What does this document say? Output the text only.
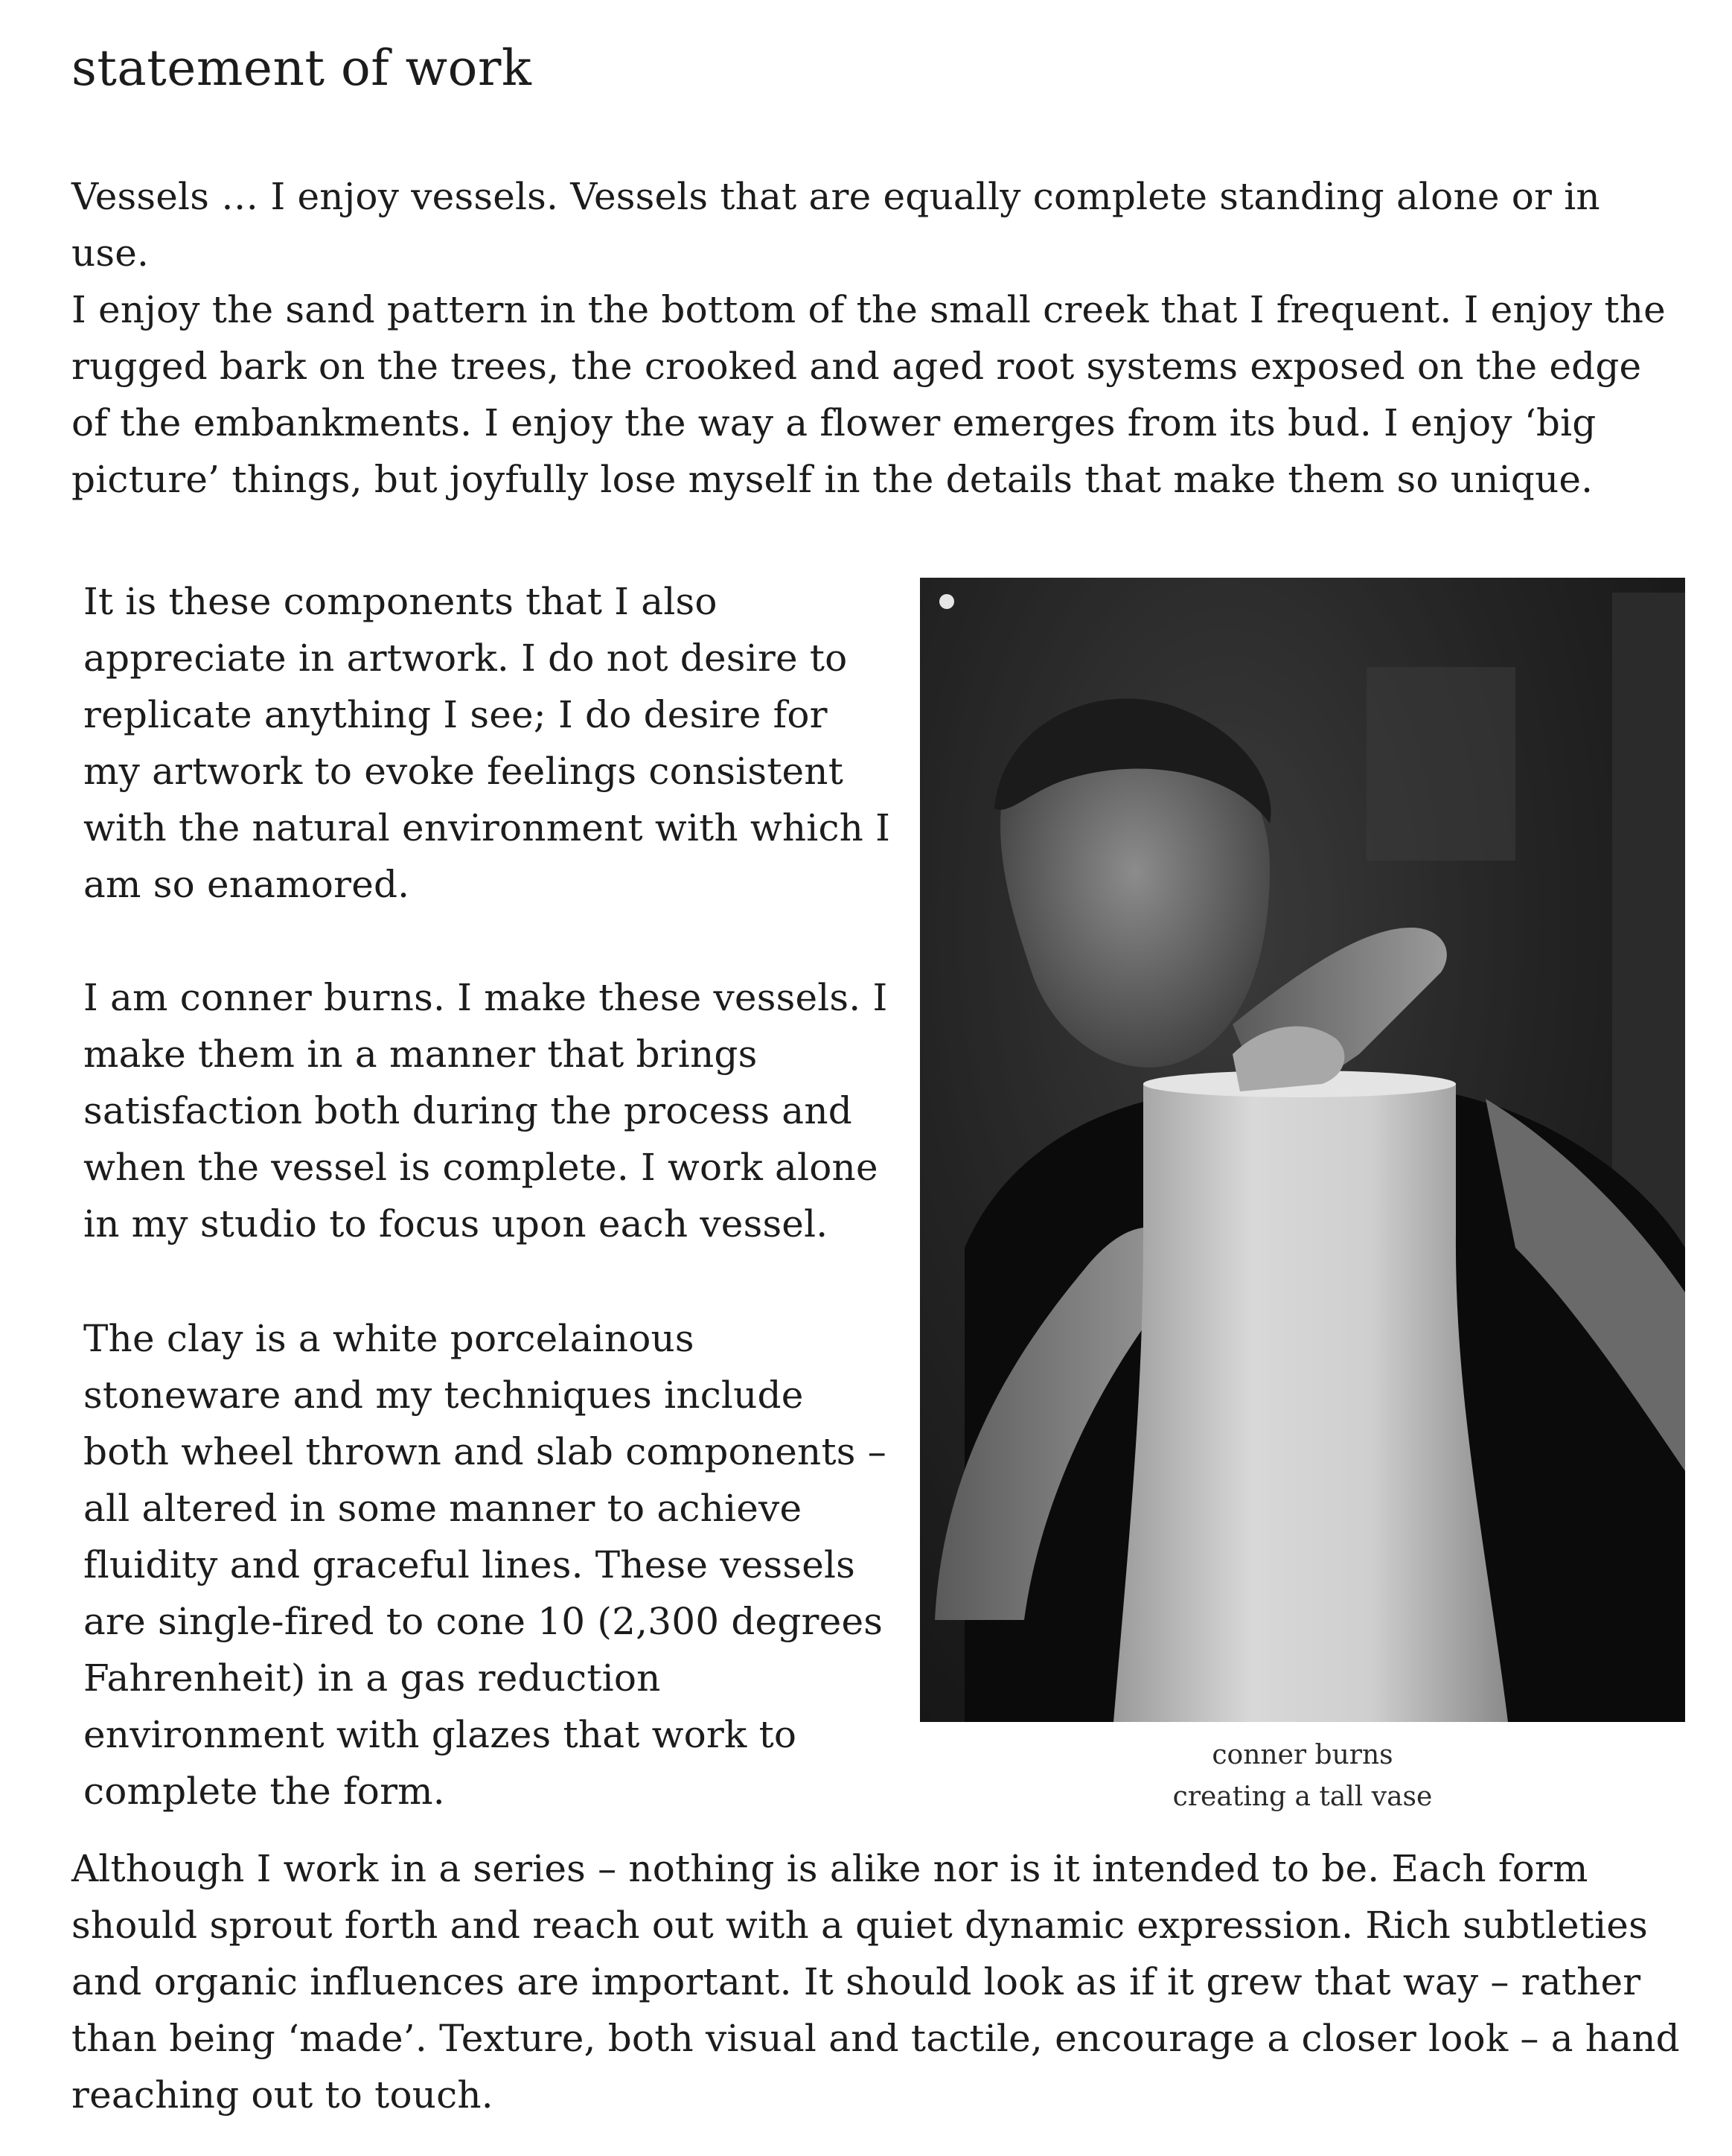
statement of work

Vessels … I enjoy vessels. Vessels that are equally complete standing alone or in use.

I enjoy the sand pattern in the bottom of the small creek that I frequent. I enjoy the rugged bark on the trees, the crooked and aged root systems exposed on the edge of the embankments. I enjoy the way a flower emerges from its bud. I enjoy ‘big picture’ things, but joyfully lose myself in the details that make them so unique.

It is these components that I also appreciate in artwork. I do not desire to replicate anything I see; I do desire for my artwork to evoke feelings consistent with the natural environment with which I am so enamored.

I am conner burns. I make these vessels. I make them in a manner that brings satisfaction both during the process and when the vessel is complete. I work alone in my studio to focus upon each vessel.

The clay is a white porcelainous stoneware and my techniques include both wheel thrown and slab components – all altered in some manner to achieve fluidity and graceful lines. These vessels are single-fired to cone 10 (2,300 degrees Fahrenheit) in a gas reduction environment with glazes that work to complete the form.

conner burns
creating a tall vase

Although I work in a series – nothing is alike nor is it intended to be. Each form should sprout forth and reach out with a quiet dynamic expression. Rich subtleties and organic influences are important. It should look as if it grew that way – rather than being ‘made’. Texture, both visual and tactile, encourage a closer look – a hand reaching out to touch.
